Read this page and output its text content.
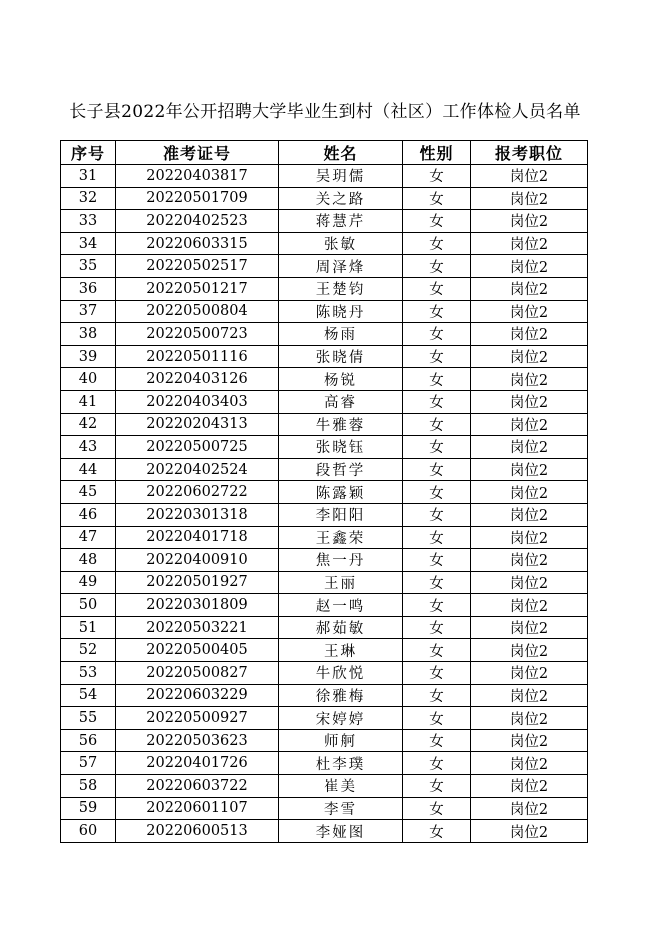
长子县2022年公开招聘大学毕业生到村（社区）工作体检人员名单
序号	准考证号	姓名	性别	报考职位
31	20220403817	吴玥儒	女	岗位2
32	20220501709	关之路	女	岗位2
33	20220402523	蒋慧芹	女	岗位2
34	20220603315	张敏	女	岗位2
35	20220502517	周泽烽	女	岗位2
36	20220501217	王楚钧	女	岗位2
37	20220500804	陈晓丹	女	岗位2
38	20220500723	杨雨	女	岗位2
39	20220501116	张晓倩	女	岗位2
40	20220403126	杨锐	女	岗位2
41	20220403403	高睿	女	岗位2
42	20220204313	牛雅蓉	女	岗位2
43	20220500725	张晓钰	女	岗位2
44	20220402524	段哲学	女	岗位2
45	20220602722	陈露颖	女	岗位2
46	20220301318	李阳阳	女	岗位2
47	20220401718	王鑫荣	女	岗位2
48	20220400910	焦一丹	女	岗位2
49	20220501927	王丽	女	岗位2
50	20220301809	赵一鸣	女	岗位2
51	20220503221	郝茹敏	女	岗位2
52	20220500405	王琳	女	岗位2
53	20220500827	牛欣悦	女	岗位2
54	20220603229	徐雅梅	女	岗位2
55	20220500927	宋婷婷	女	岗位2
56	20220503623	师舸	女	岗位2
57	20220401726	杜李璞	女	岗位2
58	20220603722	崔美	女	岗位2
59	20220601107	李雪	女	岗位2
60	20220600513	李娅图	女	岗位2
